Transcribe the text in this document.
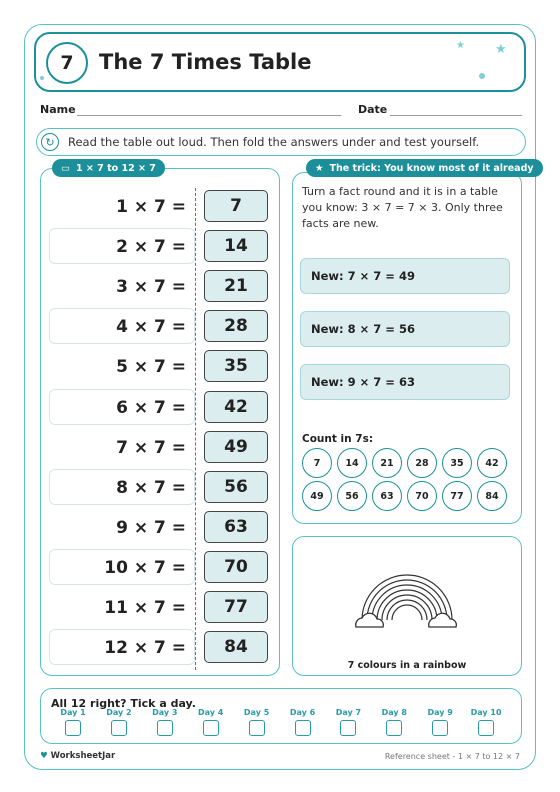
7	The 7 Times Table
★ ★
Name	Date
↻	Read the table out loud. Then fold the answers under and test yourself.
▭ 1 × 7 to 12 × 7
1 × 7 =	7
2 × 7 =	14
3 × 7 =	21
4 × 7 =	28
5 × 7 =	35
6 × 7 =	42
7 × 7 =	49
8 × 7 =	56
9 × 7 =	63
10 × 7 =	70
11 × 7 =	77
12 × 7 =	84
★ The trick: You know most of it already
Turn a fact round and it is in a table you know: 3 × 7 = 7 × 3. Only three facts are new.
New: 7 × 7 = 49
New: 8 × 7 = 56
New: 9 × 7 = 63
Count in 7s:
7	14	21	28	35	42
49	56	63	70	77	84
7 colours in a rainbow
All 12 right? Tick a day.
Day 1	Day 2	Day 3	Day 4	Day 5	Day 6	Day 7	Day 8	Day 9	Day 10
♥ WorksheetJar	Reference sheet - 1 × 7 to 12 × 7
